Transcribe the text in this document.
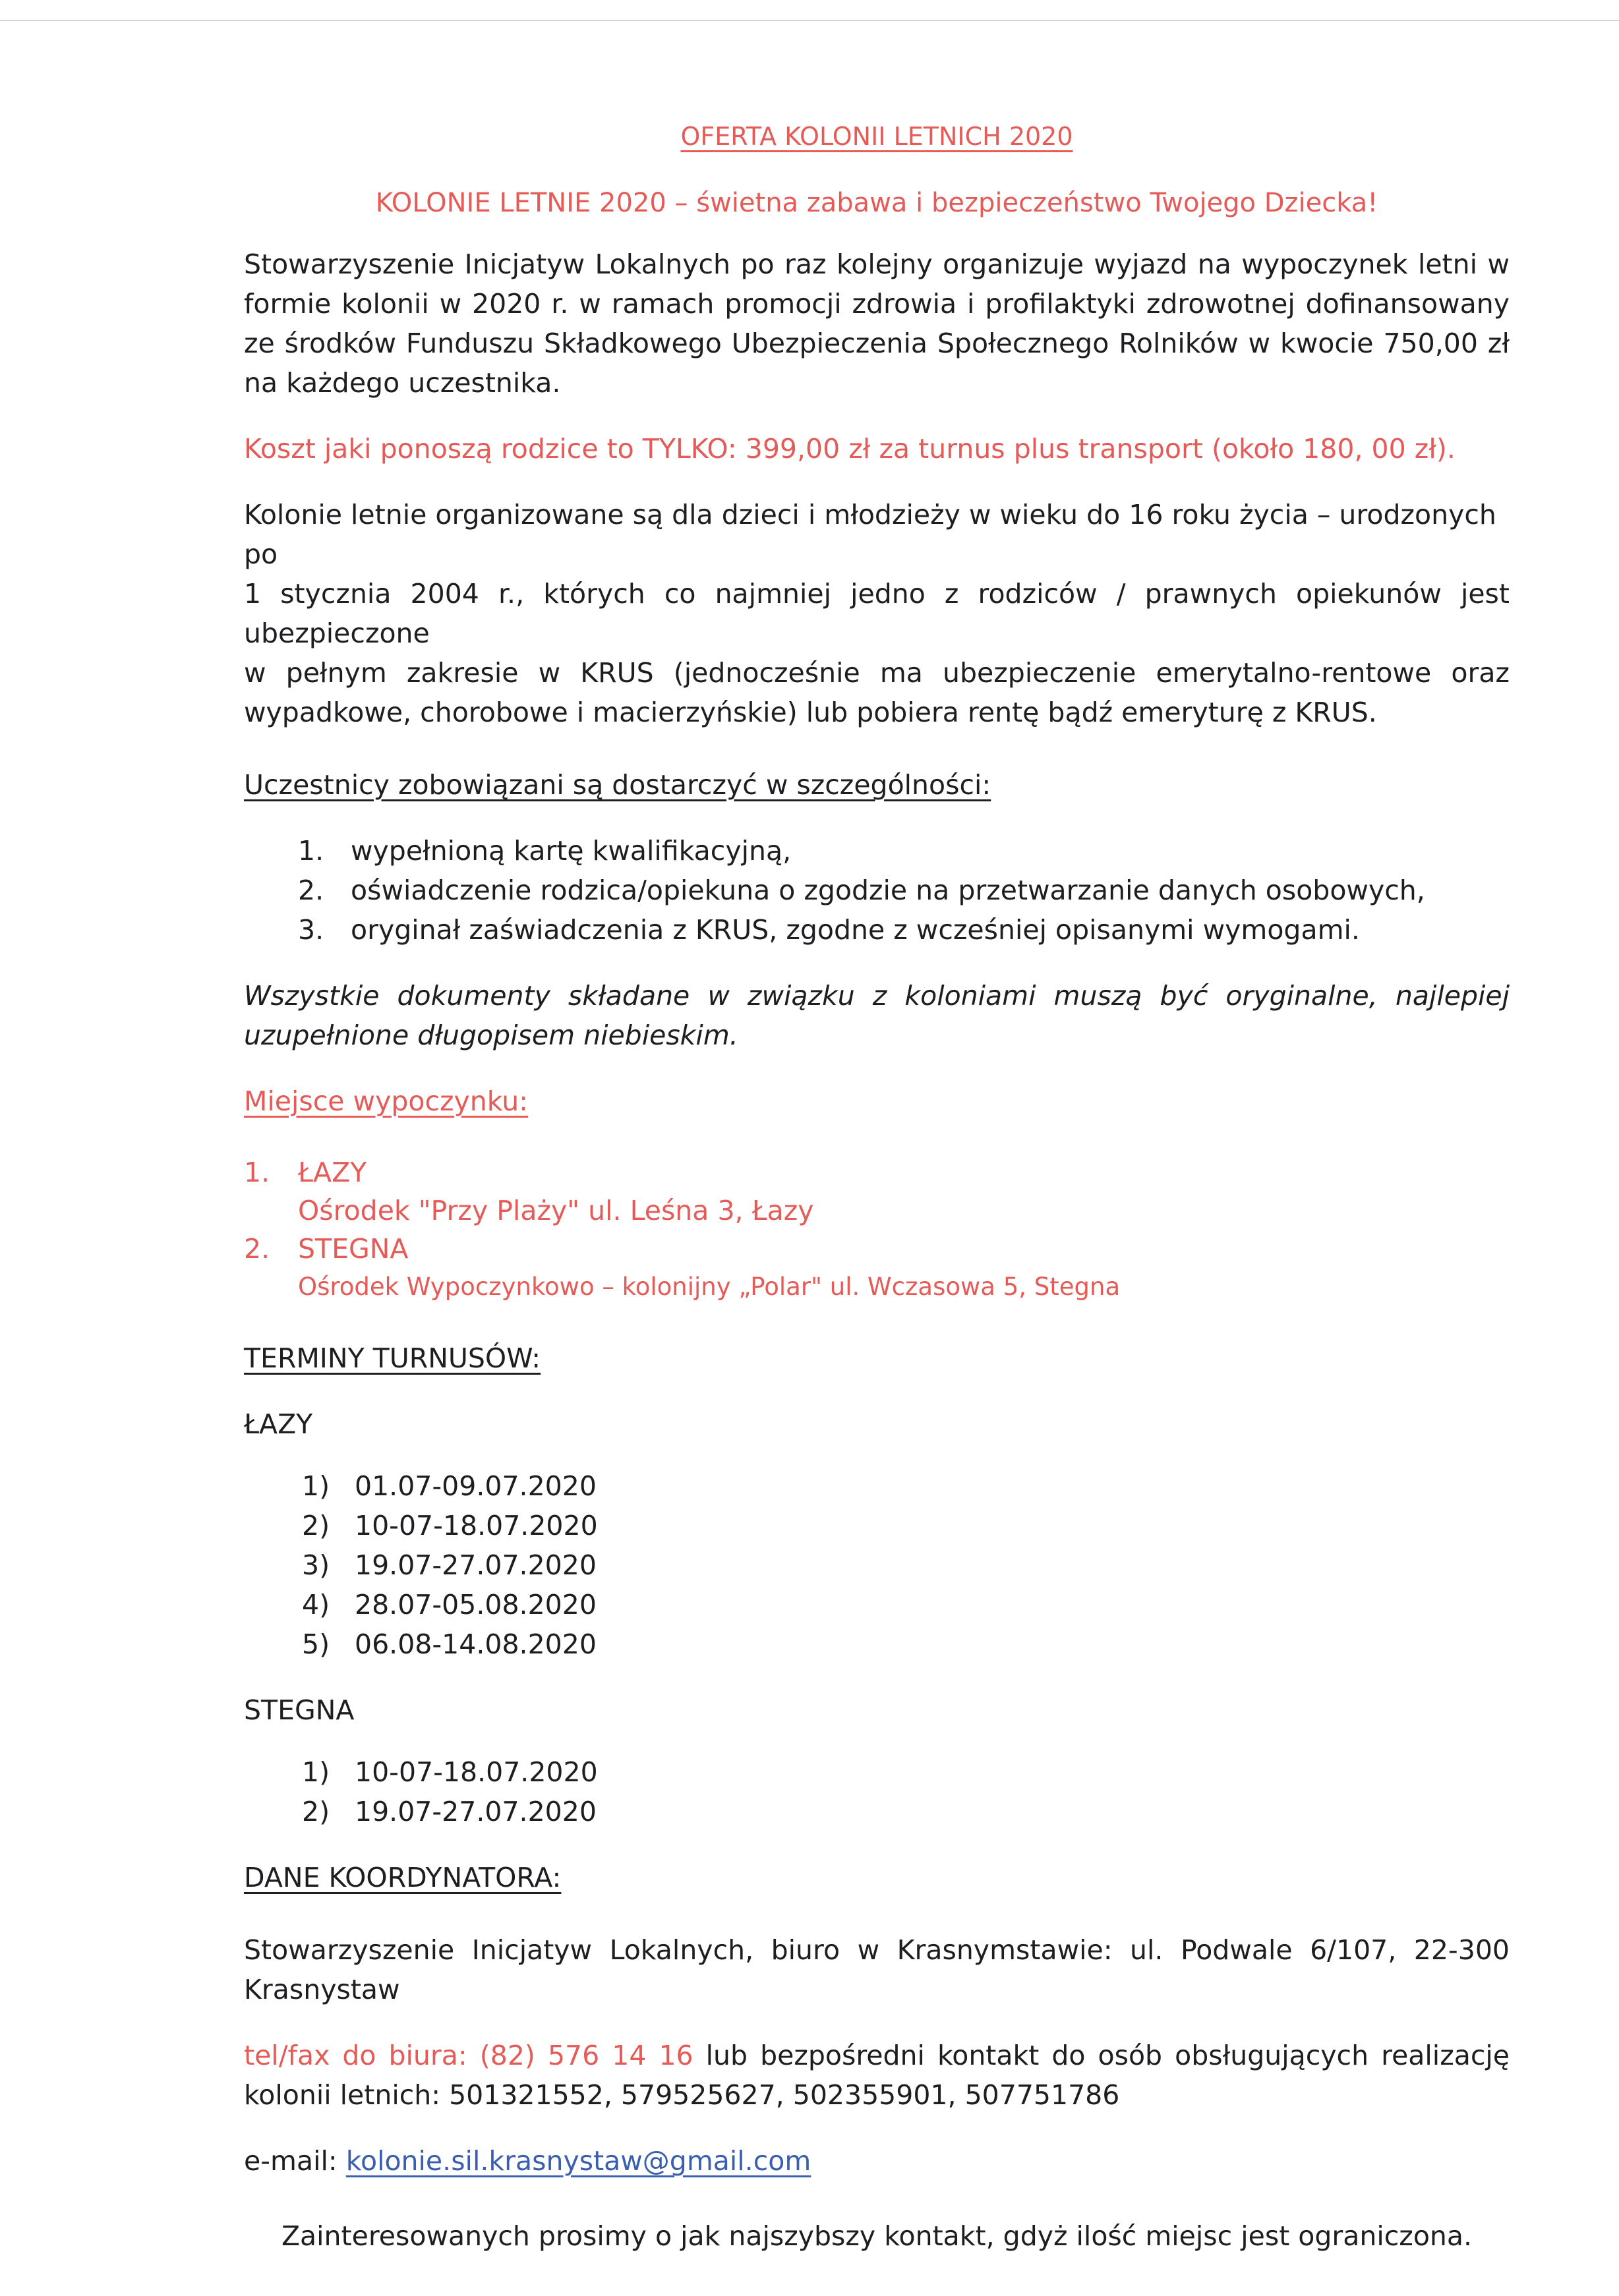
OFERTA KOLONII LETNICH 2020

KOLONIE LETNIE 2020 – świetna zabawa i bezpieczeństwo Twojego Dziecka!

Stowarzyszenie Inicjatyw Lokalnych po raz kolejny organizuje wyjazd na wypoczynek letni w formie kolonii w 2020 r. w ramach promocji zdrowia i profilaktyki zdrowotnej dofinansowany ze środków Funduszu Składkowego Ubezpieczenia Społecznego Rolników w kwocie 750,00 zł na każdego uczestnika.

Koszt jaki ponoszą rodzice to TYLKO: 399,00 zł za turnus plus transport (około 180, 00 zł).

Kolonie letnie organizowane są dla dzieci i młodzieży w wieku do 16 roku życia – urodzonych po

1 stycznia 2004 r., których co najmniej jedno z rodziców / prawnych opiekunów jest ubezpieczone

w pełnym zakresie w KRUS (jednocześnie ma ubezpieczenie emerytalno-rentowe oraz wypadkowe, chorobowe i macierzyńskie) lub pobiera rentę bądź emeryturę z KRUS.

Uczestnicy zobowiązani są dostarczyć w szczególności:

1. wypełnioną kartę kwalifikacyjną,
2. oświadczenie rodzica/opiekuna o zgodzie na przetwarzanie danych osobowych,
3. oryginał zaświadczenia z KRUS, zgodne z wcześniej opisanymi wymogami.

Wszystkie dokumenty składane w związku z koloniami muszą być oryginalne, najlepiej uzupełnione długopisem niebieskim.

Miejsce wypoczynku:

1.	ŁAZY
Ośrodek "Przy Plaży" ul. Leśna 3, Łazy
2.	STEGNA
Ośrodek Wypoczynkowo – kolonijny „Polar" ul. Wczasowa 5, Stegna

TERMINY TURNUSÓW:

ŁAZY

1) 01.07-09.07.2020
2) 10-07-18.07.2020
3) 19.07-27.07.2020
4) 28.07-05.08.2020
5) 06.08-14.08.2020

STEGNA

1) 10-07-18.07.2020
2) 19.07-27.07.2020

DANE KOORDYNATORA:

Stowarzyszenie Inicjatyw Lokalnych, biuro w Krasnymstawie: ul. Podwale 6/107, 22-300 Krasnystaw

tel/fax do biura: (82) 576 14 16 lub bezpośredni kontakt do osób obsługujących realizację kolonii letnich: 501321552, 579525627, 502355901, 507751786

e-mail: kolonie.sil.krasnystaw@gmail.com

Zainteresowanych prosimy o jak najszybszy kontakt, gdyż ilość miejsc jest ograniczona.
